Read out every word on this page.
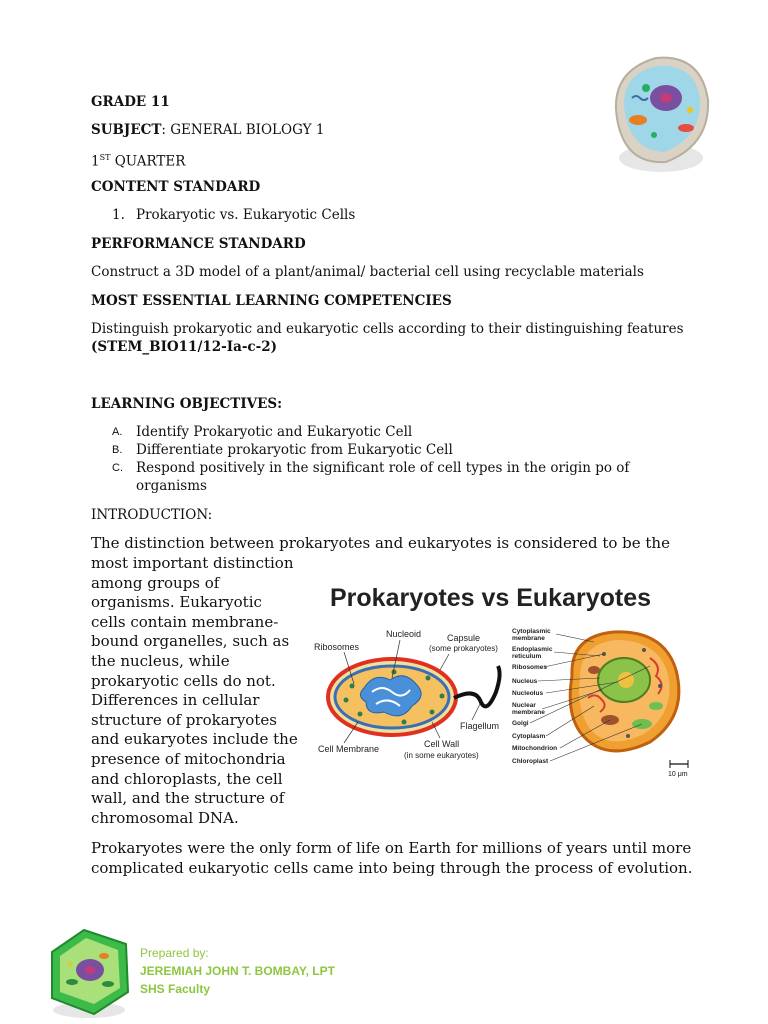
GRADE 11
SUBJECT: GENERAL BIOLOGY 1
1ST QUARTER
CONTENT STANDARD
1. Prokaryotic vs. Eukaryotic Cells
PERFORMANCE STANDARD
Construct a 3D model of a plant/animal/ bacterial cell using recyclable materials
MOST ESSENTIAL LEARNING COMPETENCIES
Distinguish prokaryotic and eukaryotic cells according to their distinguishing features
(STEM_BIO11/12-Ia-c-2)
LEARNING OBJECTIVES:
A.	Identify Prokaryotic and Eukaryotic Cell
B.	Differentiate prokaryotic from Eukaryotic Cell
C. Respond positively in the significant role of cell types in the origin po of
organisms
INTRODUCTION:
The distinction between prokaryotes and eukaryotes is considered to be the
most important distinction
among groups of
organisms. Eukaryotic
cells contain membrane-
bound organelles, such as
the nucleus, while
prokaryotic cells do not.
Differences in cellular
structure of prokaryotes
and eukaryotes include the
presence of mitochondria
and chloroplasts, the cell
wall, and the structure of
chromosomal DNA.
Prokaryotes vs Eukaryotes
Ribosomes
Nucleoid	Capsule
(some prokaryotes)
Flagellum
Cell Membrane	Cell Wall
(in some eukaryotes)
Cytoplasmic
membrane
Endoplasmic
reticulum
Ribosomes
Nucleus
Nucleolus
Nuclear
membrane
Golgi
Cytoplasm
Mitochondrion
Chloroplast
10 μm
Prokaryotes were the only form of life on Earth for millions of years until more
complicated eukaryotic cells came into being through the process of evolution.
Prepared by:
JEREMIAH JOHN T. BOMBAY, LPT
SHS Faculty
